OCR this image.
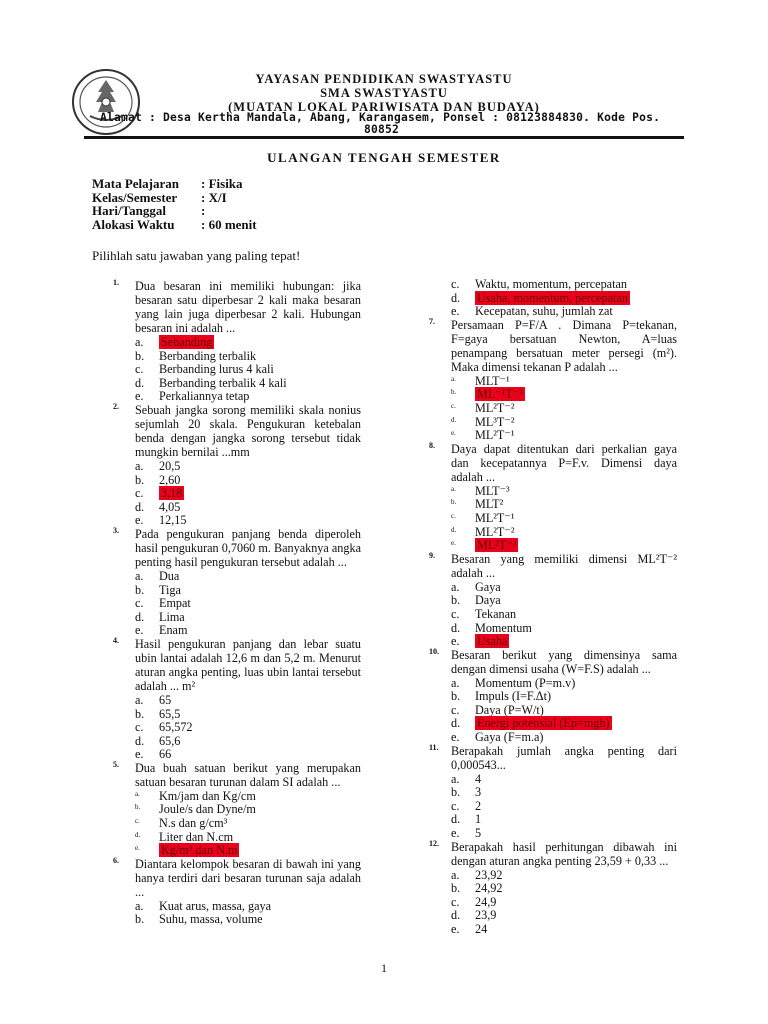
YAYASAN PENDIDIKAN SWASTYASTU
SMA SWASTYASTU
(MUATAN LOKAL PARIWISATA DAN BUDAYA)
Alamat : Desa Kertha Mandala, Abang, Karangasem, Ponsel : 08123884830. Kode Pos.
80852
ULANGAN TENGAH SEMESTER
Mata Pelajaran : Fisika
Kelas/Semester : X/I
Hari/Tanggal	:
Alokasi Waktu : 60 menit
Pilihlah satu jawaban yang paling tepat!
1. Dua besaran ini memiliki hubungan: jika besaran satu diperbesar 2 kali maka besaran yang lain juga diperbesar 2 kali. Hubungan besaran ini adalah ...
a. Sebanding
b. Berbanding terbalik
c. Berbanding lurus 4 kali
d. Berbanding terbalik 4 kali
e. Perkaliannya tetap
2. Sebuah jangka sorong memiliki skala nonius sejumlah 20 skala. Pengukuran ketebalan benda dengan jangka sorong tersebut tidak mungkin bernilai ...mm
a. 20,5
b. 2,60
c. 3,18
d. 4,05
e. 12,15
3. Pada pengukuran panjang benda diperoleh hasil pengukuran 0,7060 m. Banyaknya angka penting hasil pengukuran tersebut adalah ...
a. Dua
b. Tiga
c. Empat
d. Lima
e. Enam
4. Hasil pengukuran panjang dan lebar suatu ubin lantai adalah 12,6 m dan 5,2 m. Menurut aturan angka penting, luas ubin lantai tersebut adalah ... m²
a. 65
b. 65,5
c. 65,572
d. 65,6
e. 66
5. Dua buah satuan berikut yang merupakan satuan besaran turunan dalam SI adalah ...
a. Km/jam dan Kg/cm
b. Joule/s dan Dyne/m
c. N.s dan g/cm³
d. Liter dan N.cm
e. Kg/m³ dan N.m
6. Diantara kelompok besaran di bawah ini yang hanya terdiri dari besaran turunan saja adalah ...
a. Kuat arus, massa, gaya
b. Suhu, massa, volume
c. Waktu, momentum, percepatan
d. Usaha, momentum, percepatan
e. Kecepatan, suhu, jumlah zat
7. Persamaan P=F/A . Dimana P=tekanan, F=gaya bersatuan Newton, A=luas penampang bersatuan meter persegi (m²). Maka dimensi tekanan P adalah ...
a. MLT⁻¹
b. ML⁻¹T⁻²
c. ML²T⁻²
d. ML³T⁻²
e. ML²T⁻¹
8. Daya dapat ditentukan dari perkalian gaya dan kecepatannya P=F.v. Dimensi daya adalah ...
a. MLT⁻³
b. MLT²
c. ML²T⁻¹
d. ML²T⁻²
e. ML²T⁻³
9. Besaran yang memiliki dimensi ML²T⁻² adalah ...
a. Gaya
b. Daya
c. Tekanan
d. Momentum
e. Usaha
10. Besaran berikut yang dimensinya sama dengan dimensi usaha (W=F.S) adalah ...
a. Momentum (P=m.v)
b. Impuls (I=F.Δt)
c. Daya (P=W/t)
d. Energi potensial (Ep=mgh)
e. Gaya (F=m.a)
11. Berapakah jumlah angka penting dari 0,000543...
a. 4
b. 3
c. 2
d. 1
e. 5
12. Berapakah hasil perhitungan dibawah ini dengan aturan angka penting 23,59 + 0,33 ...
a. 23,92
b. 24,92
c. 24,9
d. 23,9
e. 24
1
